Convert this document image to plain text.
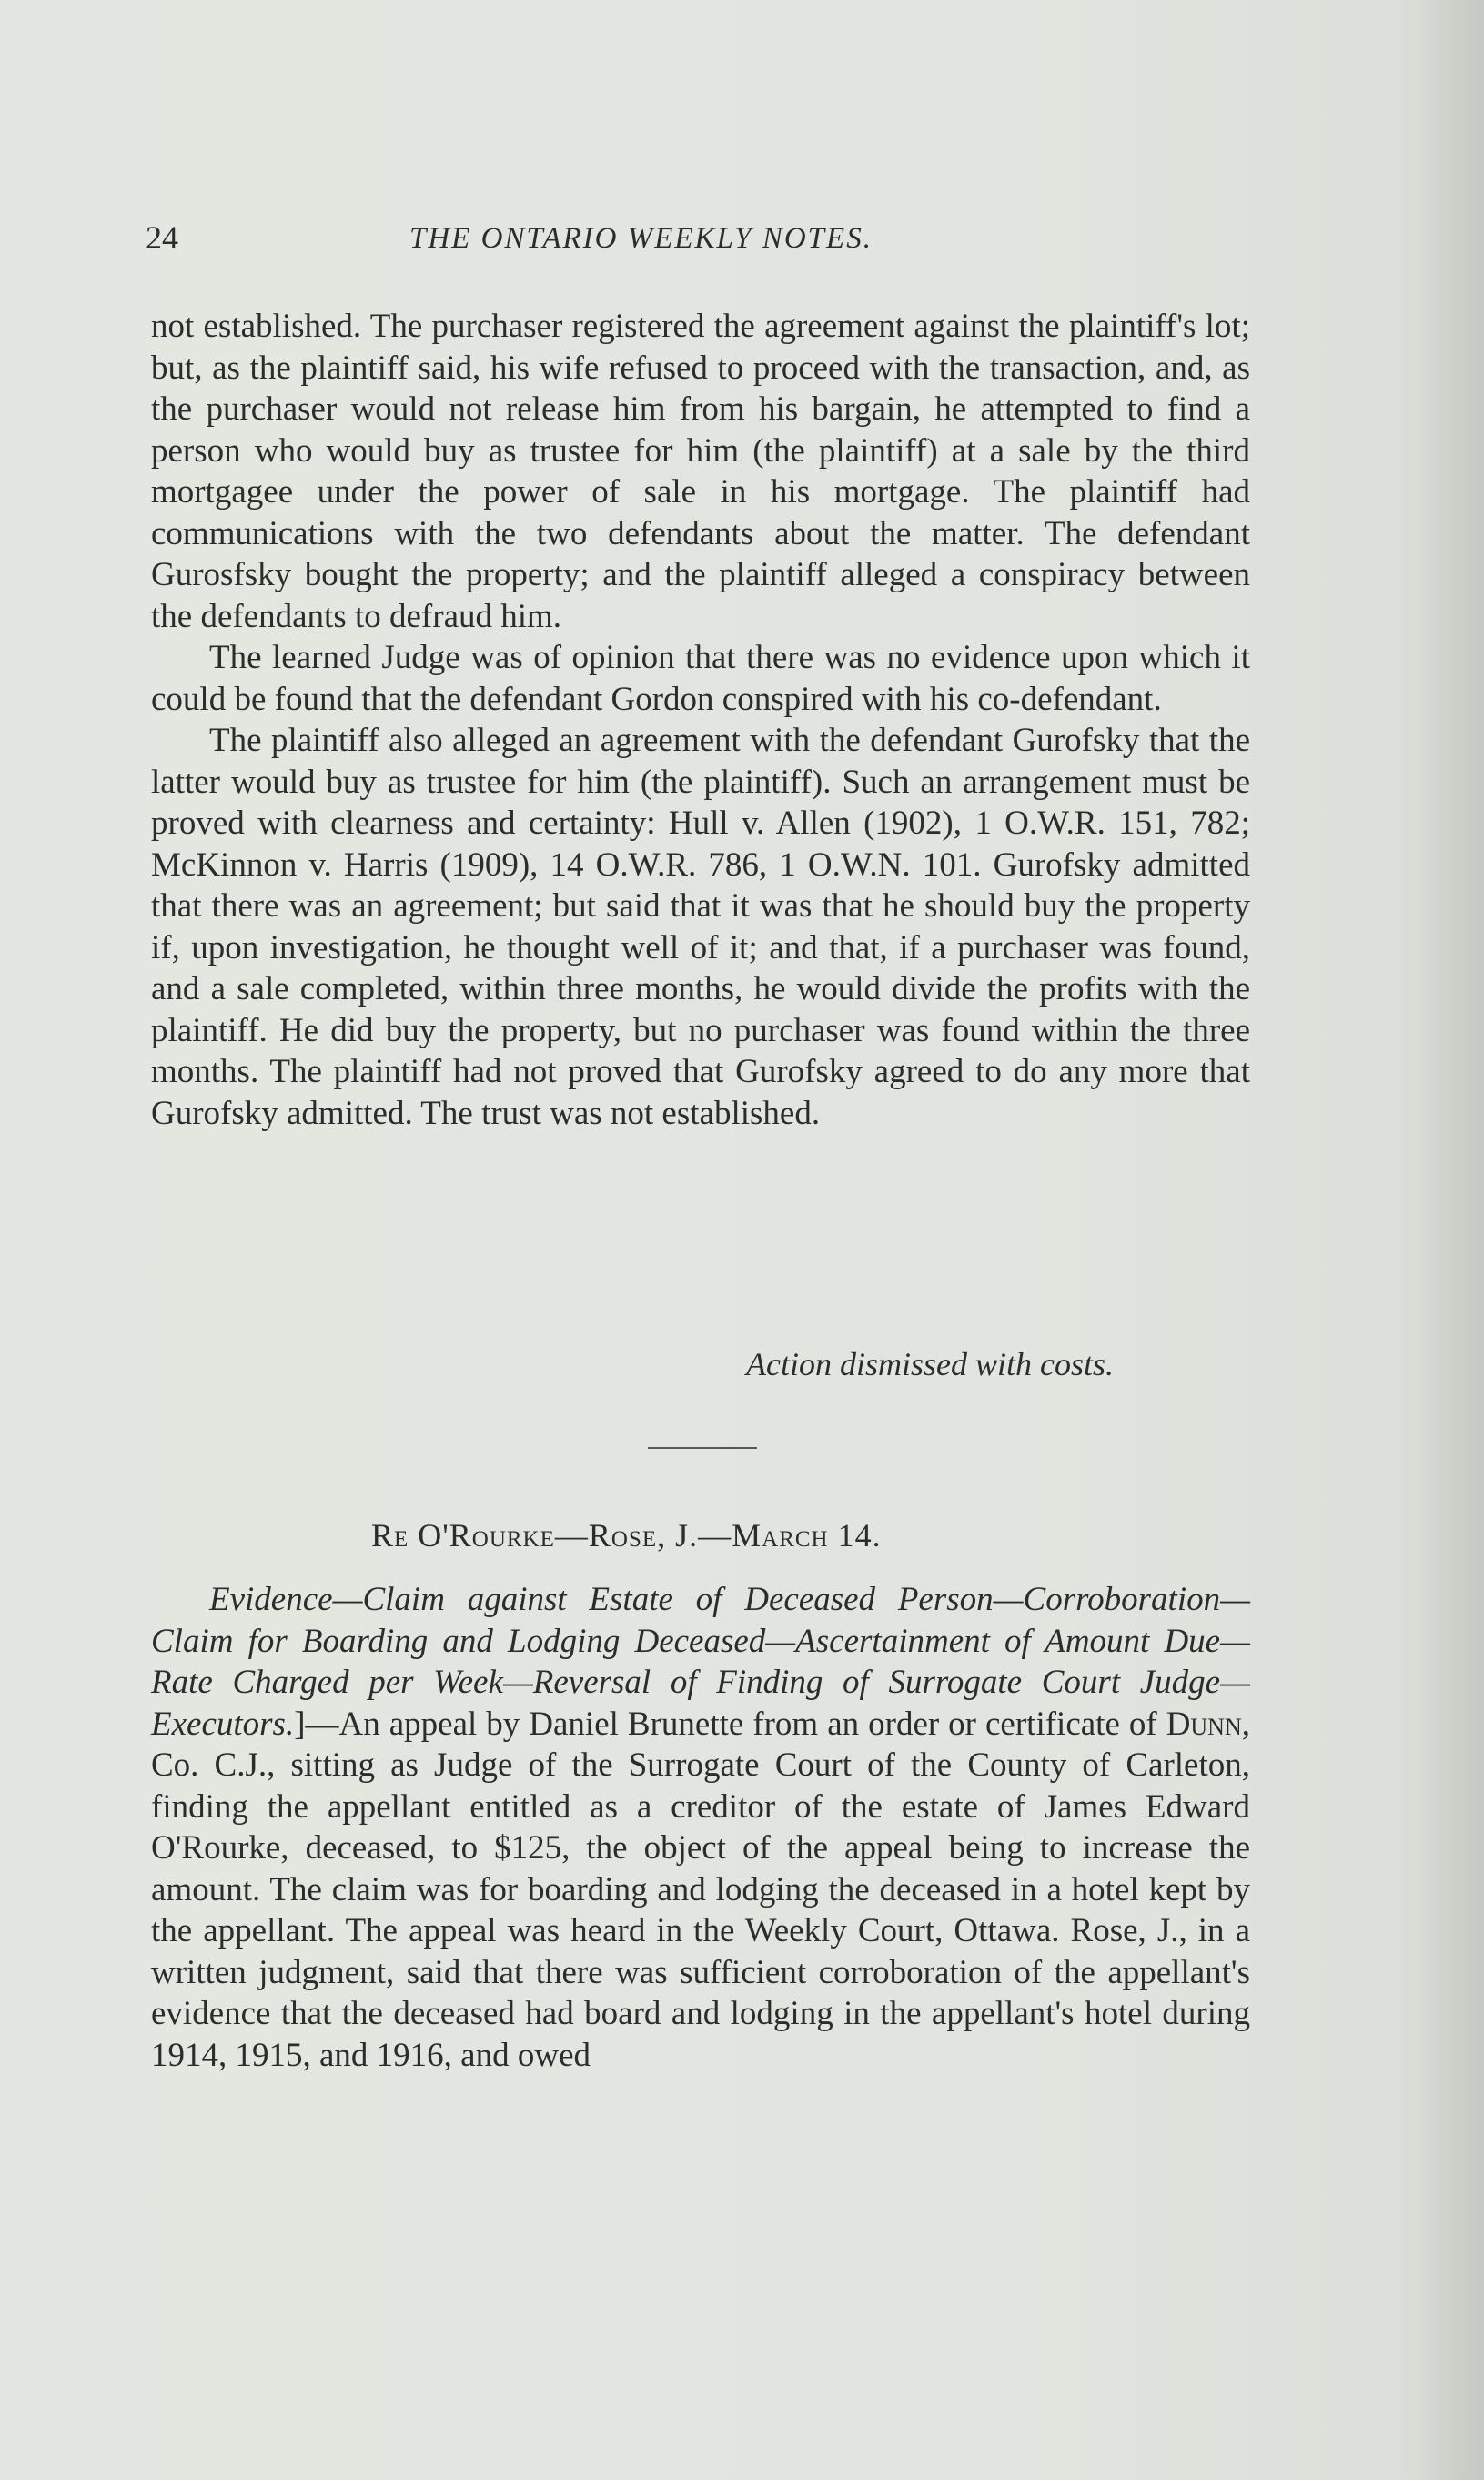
24	THE ONTARIO WEEKLY NOTES.

not established. The purchaser registered the agreement against the plaintiff's lot; but, as the plaintiff said, his wife refused to proceed with the transaction, and, as the purchaser would not release him from his bargain, he attempted to find a person who would buy as trustee for him (the plaintiff) at a sale by the third mortgagee under the power of sale in his mortgage. The plaintiff had communications with the two defendants about the matter. The defendant Gurosfsky bought the property; and the plaintiff alleged a conspiracy between the defendants to defraud him.

The learned Judge was of opinion that there was no evidence upon which it could be found that the defendant Gordon conspired with his co-defendant.

The plaintiff also alleged an agreement with the defendant Gurofsky that the latter would buy as trustee for him (the plaintiff). Such an arrangement must be proved with clearness and certainty: Hull v. Allen (1902), 1 O.W.R. 151, 782; McKinnon v. Harris (1909), 14 O.W.R. 786, 1 O.W.N. 101. Gurofsky admitted that there was an agreement; but said that it was that he should buy the property if, upon investigation, he thought well of it; and that, if a purchaser was found, and a sale completed, within three months, he would divide the profits with the plaintiff. He did buy the property, but no purchaser was found within the three months. The plaintiff had not proved that Gurofsky agreed to do any more that Gurofsky admitted. The trust was not established.

Action dismissed with costs.
Re O'Rourke—Rose, J.—March 14.

Evidence—Claim against Estate of Deceased Person—Corroboration—Claim for Boarding and Lodging Deceased—Ascertainment of Amount Due—Rate Charged per Week—Reversal of Finding of Surrogate Court Judge—Executors.]—An appeal by Daniel Brunette from an order or certificate of Dunn, Co. C.J., sitting as Judge of the Surrogate Court of the County of Carleton, finding the appellant entitled as a creditor of the estate of James Edward O'Rourke, deceased, to $125, the object of the appeal being to increase the amount. The claim was for boarding and lodging the deceased in a hotel kept by the appellant. The appeal was heard in the Weekly Court, Ottawa. Rose, J., in a written judgment, said that there was sufficient corroboration of the appellant's evidence that the deceased had board and lodging in the appellant's hotel during 1914, 1915, and 1916, and owed
